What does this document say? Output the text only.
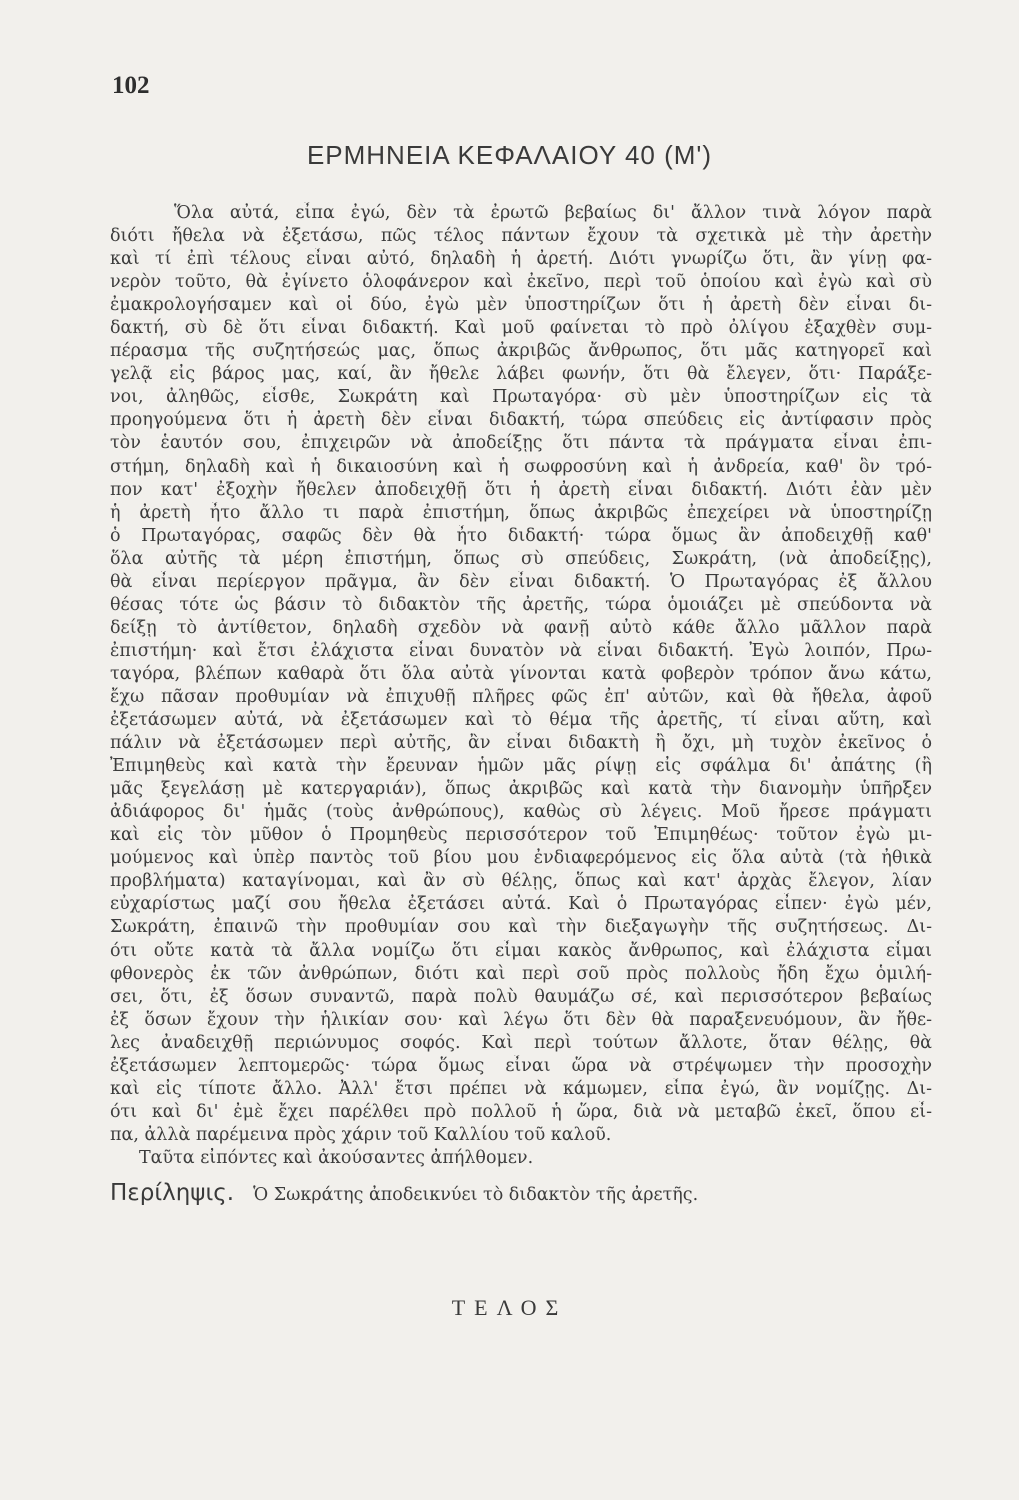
102
ΕΡΜΗΝΕΙΑ ΚΕΦΑΛΑΙΟΥ 40 (Μ')
Ὅλα αὐτά, εἶπα ἐγώ, δὲν τὰ ἐρωτῶ βεβαίως δι' ἄλλον τινὰ λόγον παρὰ
διότι ἤθελα νὰ ἐξετάσω, πῶς τέλος πάντων ἔχουν τὰ σχετικὰ μὲ τὴν ἀρετὴν
καὶ τί ἐπὶ τέλους εἶναι αὐτό, δηλαδὴ ἡ ἀρετή. Διότι γνωρίζω ὅτι, ἂν γίνῃ φα-
νερὸν τοῦτο, θὰ ἐγίνετο ὁλοφάνερον καὶ ἐκεῖνο, περὶ τοῦ ὁποίου καὶ ἐγὼ καὶ σὺ
ἐμακρολογήσαμεν καὶ οἱ δύο, ἐγὼ μὲν ὑποστηρίζων ὅτι ἡ ἀρετὴ δὲν εἶναι δι-
δακτή, σὺ δὲ ὅτι εἶναι διδακτή. Καὶ μοῦ φαίνεται τὸ πρὸ ὀλίγου ἐξαχθὲν συμ-
πέρασμα τῆς συζητήσεώς μας, ὅπως ἀκριβῶς ἄνθρωπος, ὅτι μᾶς κατηγορεῖ καὶ
γελᾷ εἰς βάρος μας, καί, ἂν ἤθελε λάβει φωνήν, ὅτι θὰ ἔλεγεν, ὅτι· Παράξε-
νοι, ἀληθῶς, εἶσθε, Σωκράτη καὶ Πρωταγόρα· σὺ μὲν ὑποστηρίζων εἰς τὰ
προηγούμενα ὅτι ἡ ἀρετὴ δὲν εἶναι διδακτή, τώρα σπεύδεις εἰς ἀντίφασιν πρὸς
τὸν ἑαυτόν σου, ἐπιχειρῶν νὰ ἀποδείξῃς ὅτι πάντα τὰ πράγματα εἶναι ἐπι-
στήμη, δηλαδὴ καὶ ἡ δικαιοσύνη καὶ ἡ σωφροσύνη καὶ ἡ ἀνδρεία, καθ' ὃν τρό-
πον κατ' ἐξοχὴν ἤθελεν ἀποδειχθῇ ὅτι ἡ ἀρετὴ εἶναι διδακτή. Διότι ἐὰν μὲν
ἡ ἀρετὴ ἦτο ἄλλο τι παρὰ ἐπιστήμη, ὅπως ἀκριβῶς ἐπεχείρει νὰ ὑποστηρίζῃ
ὁ Πρωταγόρας, σαφῶς δὲν θὰ ἦτο διδακτή· τώρα ὅμως ἂν ἀποδειχθῇ καθ'
ὅλα αὐτῆς τὰ μέρη ἐπιστήμη, ὅπως σὺ σπεύδεις, Σωκράτη, (νὰ ἀποδείξῃς),
θὰ εἶναι περίεργον πρᾶγμα, ἂν δὲν εἶναι διδακτή. Ὁ Πρωταγόρας ἐξ ἄλλου
θέσας τότε ὡς βάσιν τὸ διδακτὸν τῆς ἀρετῆς, τώρα ὁμοιάζει μὲ σπεύδοντα νὰ
δείξῃ τὸ ἀντίθετον, δηλαδὴ σχεδὸν νὰ φανῇ αὐτὸ κάθε ἄλλο μᾶλλον παρὰ
ἐπιστήμη· καὶ ἔτσι ἐλάχιστα εἶναι δυνατὸν νὰ εἶναι διδακτή. Ἐγὼ λοιπόν, Πρω-
ταγόρα, βλέπων καθαρὰ ὅτι ὅλα αὐτὰ γίνονται κατὰ φοβερὸν τρόπον ἄνω κάτω,
ἔχω πᾶσαν προθυμίαν νὰ ἐπιχυθῇ πλῆρες φῶς ἐπ' αὐτῶν, καὶ θὰ ἤθελα, ἀφοῦ
ἐξετάσωμεν αὐτά, νὰ ἐξετάσωμεν καὶ τὸ θέμα τῆς ἀρετῆς, τί εἶναι αὕτη, καὶ
πάλιν νὰ ἐξετάσωμεν περὶ αὐτῆς, ἂν εἶναι διδακτὴ ἢ ὄχι, μὴ τυχὸν ἐκεῖνος ὁ
Ἐπιμηθεὺς καὶ κατὰ τὴν ἔρευναν ἡμῶν μᾶς ρίψῃ εἰς σφάλμα δι' ἀπάτης (ἢ
μᾶς ξεγελάσῃ μὲ κατεργαριάν), ὅπως ἀκριβῶς καὶ κατὰ τὴν διανομὴν ὑπῆρξεν
ἀδιάφορος δι' ἡμᾶς (τοὺς ἀνθρώπους), καθὼς σὺ λέγεις. Μοῦ ἤρεσε πράγματι
καὶ εἰς τὸν μῦθον ὁ Προμηθεὺς περισσότερον τοῦ Ἐπιμηθέως· τοῦτον ἐγὼ μι-
μούμενος καὶ ὑπὲρ παντὸς τοῦ βίου μου ἐνδιαφερόμενος εἰς ὅλα αὐτὰ (τὰ ἠθικὰ
προβλήματα) καταγίνομαι, καὶ ἂν σὺ θέλῃς, ὅπως καὶ κατ' ἀρχὰς ἔλεγον, λίαν
εὐχαρίστως μαζί σου ἤθελα ἐξετάσει αὐτά. Καὶ ὁ Πρωταγόρας εἶπεν· ἐγὼ μέν,
Σωκράτη, ἐπαινῶ τὴν προθυμίαν σου καὶ τὴν διεξαγωγὴν τῆς συζητήσεως. Δι-
ότι οὔτε κατὰ τὰ ἄλλα νομίζω ὅτι εἶμαι κακὸς ἄνθρωπος, καὶ ἐλάχιστα εἶμαι
φθονερὸς ἐκ τῶν ἀνθρώπων, διότι καὶ περὶ σοῦ πρὸς πολλοὺς ἤδη ἔχω ὁμιλή-
σει, ὅτι, ἐξ ὅσων συναντῶ, παρὰ πολὺ θαυμάζω σέ, καὶ περισσότερον βεβαίως
ἐξ ὅσων ἔχουν τὴν ἡλικίαν σου· καὶ λέγω ὅτι δὲν θὰ παραξενευόμουν, ἂν ἤθε-
λες ἀναδειχθῇ περιώνυμος σοφός. Καὶ περὶ τούτων ἄλλοτε, ὅταν θέλῃς, θὰ
ἐξετάσωμεν λεπτομερῶς· τώρα ὅμως εἶναι ὥρα νὰ στρέψωμεν τὴν προσοχὴν
καὶ εἰς τίποτε ἄλλο. Ἀλλ' ἔτσι πρέπει νὰ κάμωμεν, εἶπα ἐγώ, ἂν νομίζῃς. Δι-
ότι καὶ δι' ἐμὲ ἔχει παρέλθει πρὸ πολλοῦ ἡ ὥρα, διὰ νὰ μεταβῶ ἐκεῖ, ὅπου εἶ-
πα, ἀλλὰ παρέμεινα πρὸς χάριν τοῦ Καλλίου τοῦ καλοῦ.
Ταῦτα εἰπόντες καὶ ἀκούσαντες ἀπήλθομεν.
Περίληψις. Ὁ Σωκράτης ἀποδεικνύει τὸ διδακτὸν τῆς ἀρετῆς.
ΤΕΛΟΣ
